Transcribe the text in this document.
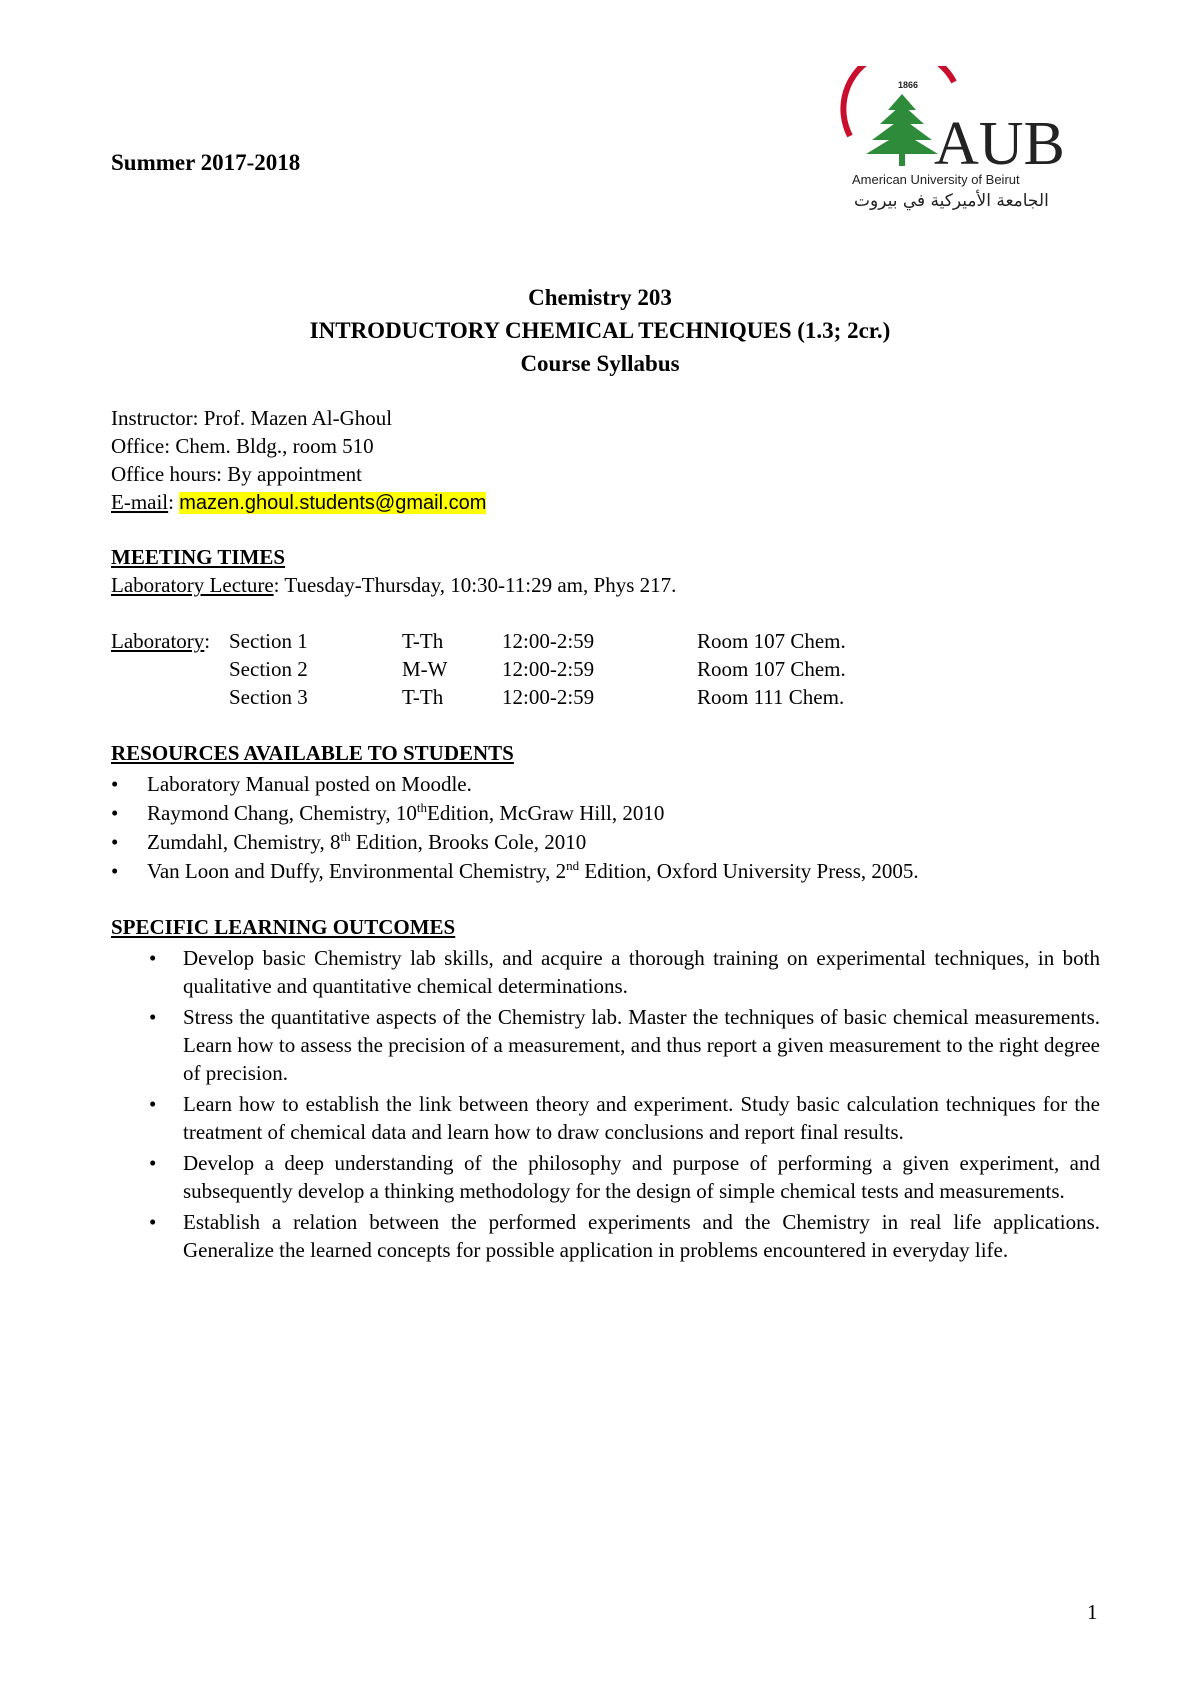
Summer 2017-2018
1866
AUB
American University of Beirut
الجامعة الأميركية في بيروت
Chemistry 203
INTRODUCTORY CHEMICAL TECHNIQUES (1.3; 2cr.)
Course Syllabus
Instructor: Prof. Mazen Al-Ghoul
Office: Chem. Bldg., room 510
Office hours: By appointment
E-mail: mazen.ghoul.students@gmail.com
MEETING TIMES
Laboratory Lecture: Tuesday-Thursday, 10:30-11:29 am, Phys 217.
Laboratory: Section 1	T-Th	12:00-2:59	Room 107 Chem.
Section 2	M-W	12:00-2:59	Room 107 Chem.
Section 3	T-Th	12:00-2:59	Room 111 Chem.
RESOURCES AVAILABLE TO STUDENTS
• Laboratory Manual posted on Moodle.
• Raymond Chang, Chemistry, 10thEdition, McGraw Hill, 2010
• Zumdahl, Chemistry, 8th Edition, Brooks Cole, 2010
• Van Loon and Duffy, Environmental Chemistry, 2nd Edition, Oxford University Press, 2005.
SPECIFIC LEARNING OUTCOMES
• Develop basic Chemistry lab skills, and acquire a thorough training on experimental techniques, in both qualitative and quantitative chemical determinations.
• Stress the quantitative aspects of the Chemistry lab. Master the techniques of basic chemical measurements. Learn how to assess the precision of a measurement, and thus report a given measurement to the right degree of precision.
• Learn how to establish the link between theory and experiment. Study basic calculation techniques for the treatment of chemical data and learn how to draw conclusions and report final results.
• Develop a deep understanding of the philosophy and purpose of performing a given experiment, and subsequently develop a thinking methodology for the design of simple chemical tests and measurements.
• Establish a relation between the performed experiments and the Chemistry in real life applications. Generalize the learned concepts for possible application in problems encountered in everyday life.
1
